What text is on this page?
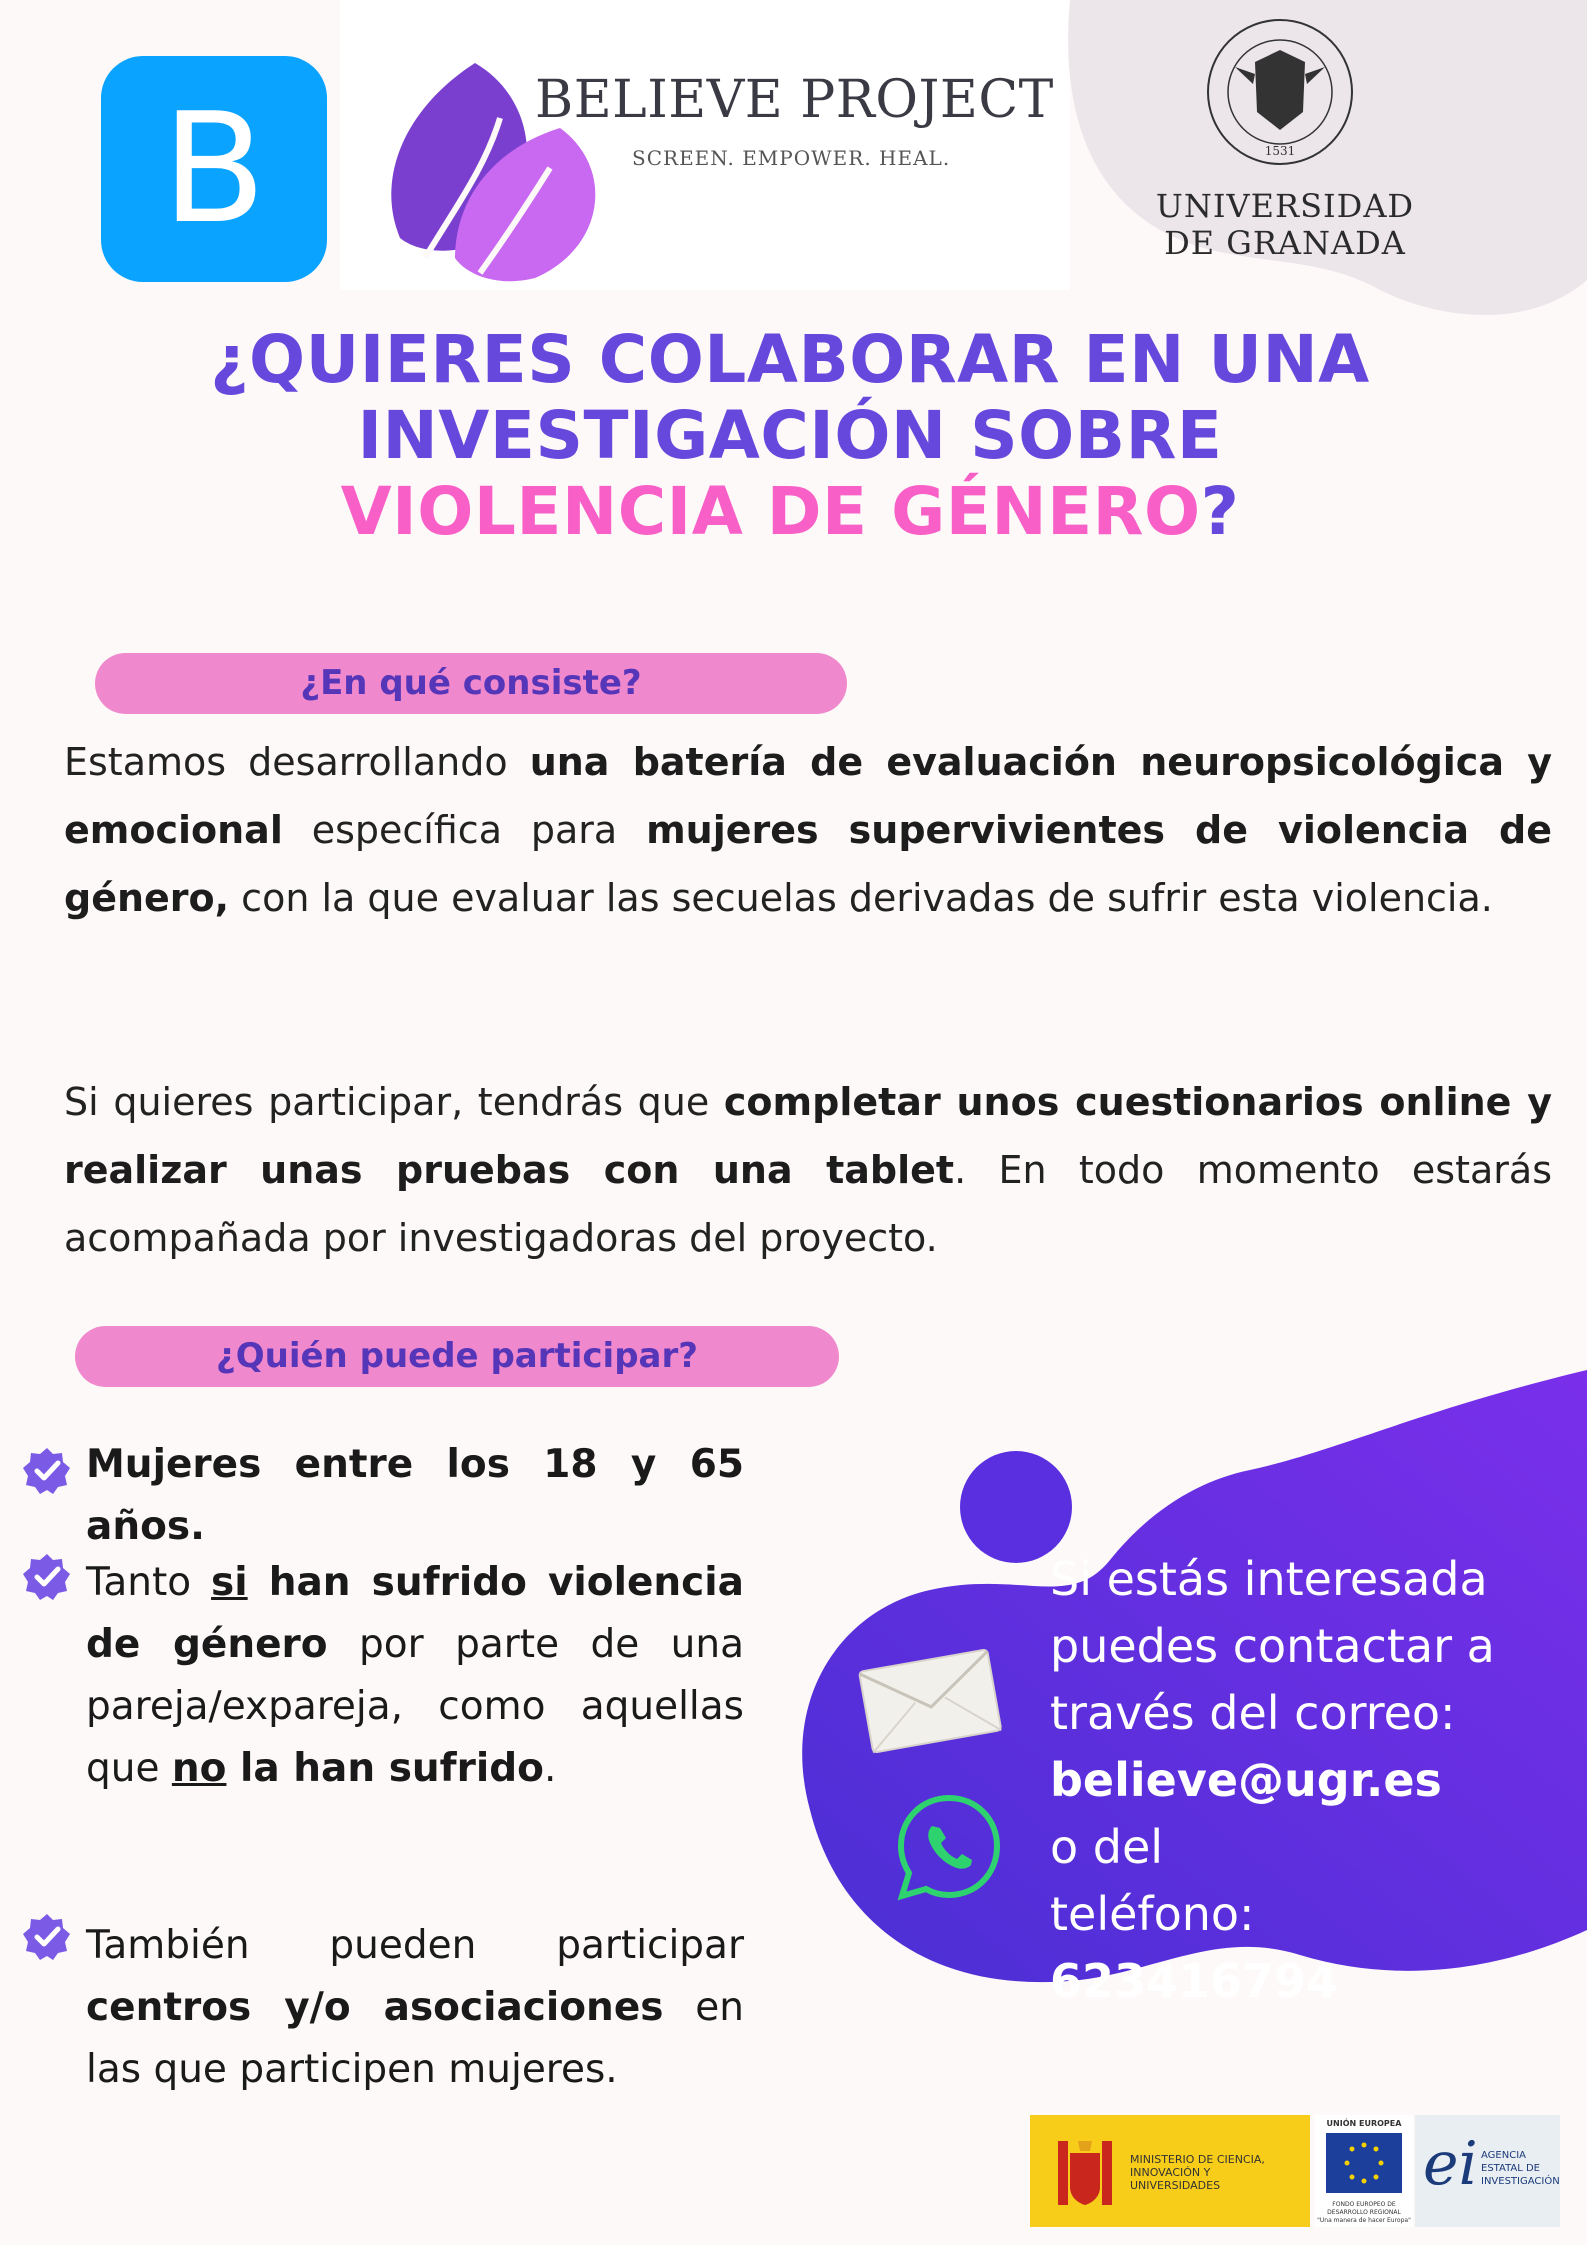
B	BELIEVE PROJECT
SCREEN. EMPOWER. HEAL.	1531
UNIVERSIDAD
DE GRANADA
¿QUIERES COLABORAR EN UNA
INVESTIGACIÓN SOBRE
VIOLENCIA DE GÉNERO?
¿En qué consiste?
Estamos desarrollando una batería de evaluación neuropsicológica y emocional específica para mujeres supervivientes de violencia de género, con la que evaluar las secuelas derivadas de sufrir esta violencia.
Si quieres participar, tendrás que completar unos cuestionarios online y realizar unas pruebas con una tablet. En todo momento estarás acompañada por investigadoras del proyecto.
¿Quién puede participar?
Mujeres entre los 18 y 65 años.
Tanto si han sufrido violencia de género por parte de una pareja/expareja, como aquellas que no la han sufrido.
También pueden participar centros y/o asociaciones en las que participen mujeres.
Si estás interesada
puedes contactar a
través del correo:
believe@ugr.es
o del
teléfono:
623416794
MINISTERIO DE CIENCIA, INNOVACIÓN Y UNIVERSIDADES
UNIÓN EUROPEA
FONDO EUROPEO DE DESARROLLO REGIONAL
"Una manera de hacer Europa"
ei AGENCIA ESTATAL DE INVESTIGACIÓN
